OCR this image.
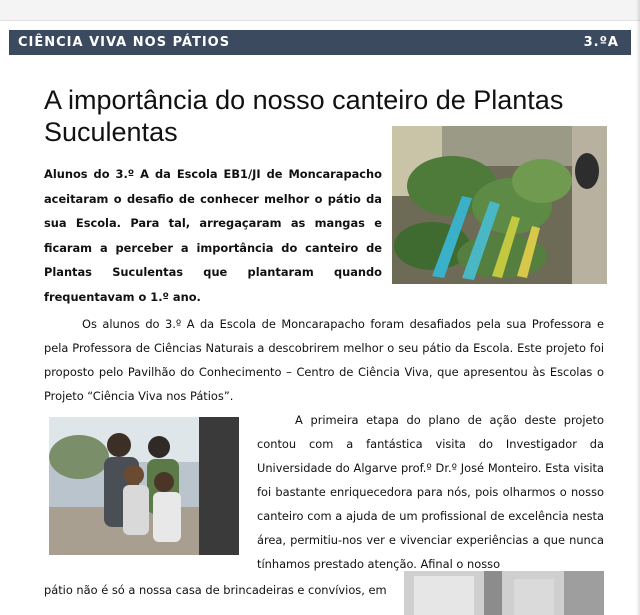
CIÊNCIA VIVA NOS PÁTIOS	3.ºA
A importância do nosso canteiro de Plantas Suculentas

Alunos do 3.º A da Escola EB1/JI de Moncarapacho aceitaram o desafio de conhecer melhor o pátio da sua Escola. Para tal, arregaçaram as mangas e ficaram a perceber a importância do canteiro de Plantas Suculentas que plantaram quando frequentavam o 1.º ano.

Os alunos do 3.º A da Escola de Moncarapacho foram desafiados pela sua Professora e pela Professora de Ciências Naturais a descobrirem melhor o seu pátio da Escola. Este projeto foi proposto pelo Pavilhão do Conhecimento – Centro de Ciência Viva, que apresentou às Escolas o Projeto “Ciência Viva nos Pátios”.

A primeira etapa do plano de ação deste projeto contou com a fantástica visita do Investigador da Universidade do Algarve prof.º Dr.º José Monteiro. Esta visita foi bastante enriquecedora para nós, pois olharmos o nosso canteiro com a ajuda de um profissional de excelência nesta área, permitiu-nos ver e vivenciar experiências a que nunca tínhamos prestado atenção. Afinal o nosso

pátio não é só a nossa casa de brincadeiras e convívios, em
